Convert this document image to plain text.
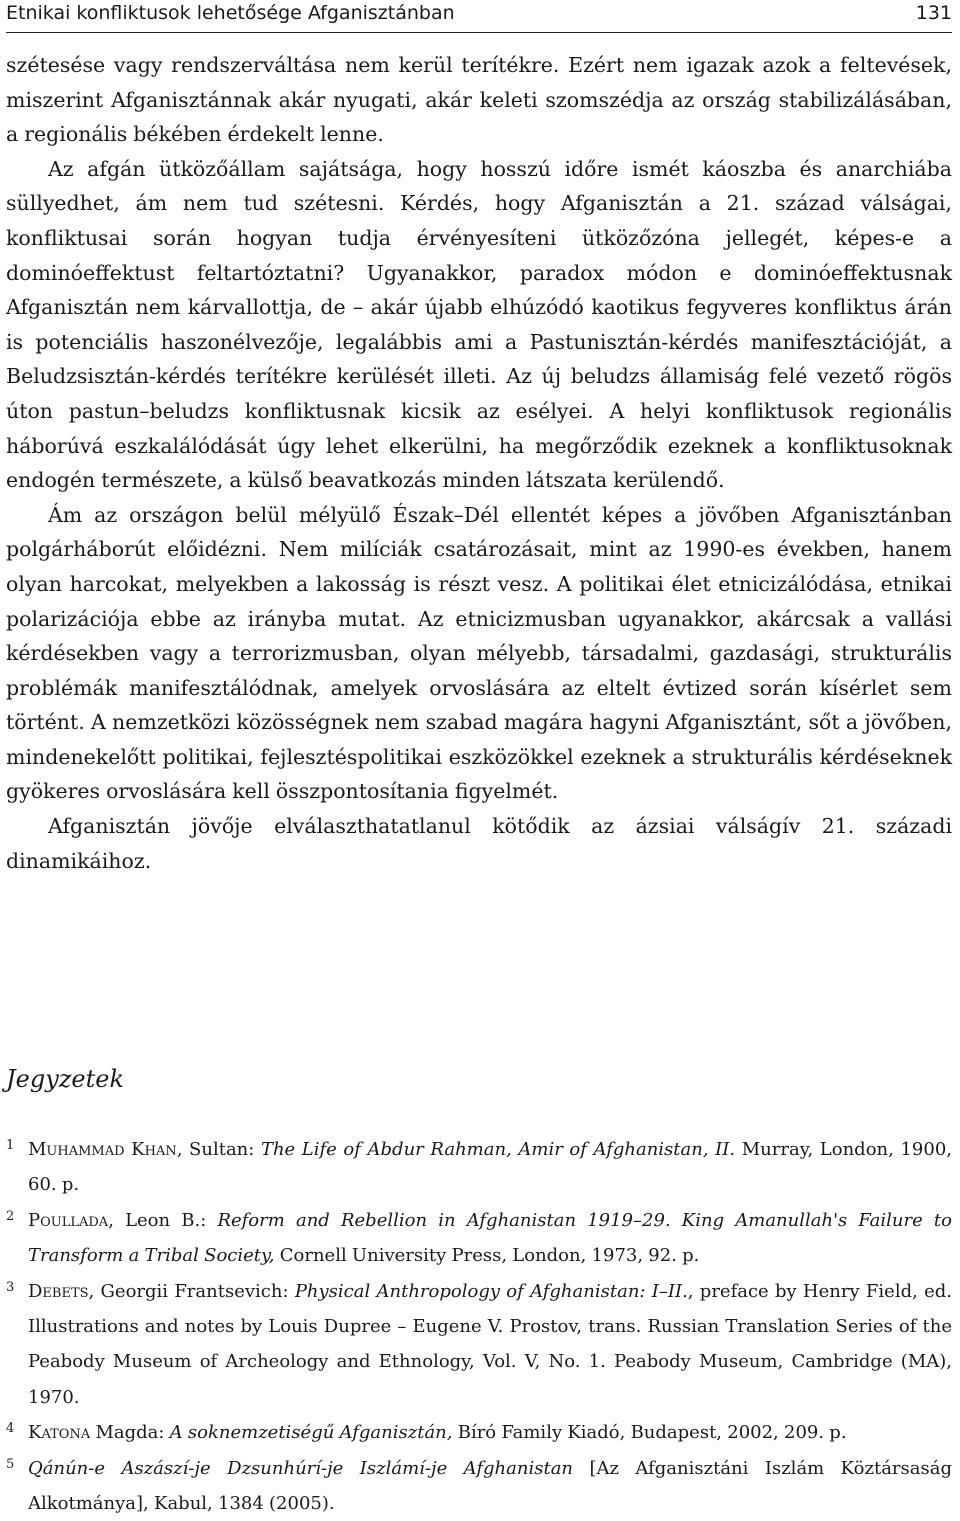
Etnikai konfliktusok lehetősége Afganisztánban	131

szétesése vagy rendszerváltása nem kerül terítékre. Ezért nem igazak azok a feltevések, miszerint Afganisztánnak akár nyugati, akár keleti szomszédja az ország stabilizálásában, a regionális békében érdekelt lenne.

Az afgán ütközőállam sajátsága, hogy hosszú időre ismét káoszba és anarchiába süllyedhet, ám nem tud szétesni. Kérdés, hogy Afganisztán a 21. század válságai, konfliktusai során hogyan tudja érvényesíteni ütközőzóna jellegét, képes-e a dominóeffektust feltartóztatni? Ugyanakkor, paradox módon e dominóeffektusnak Afganisztán nem kárvallottja, de – akár újabb elhúzódó kaotikus fegyveres konfliktus árán is potenciális haszonélvezője, legalábbis ami a Pastunisztán-kérdés manifesztációját, a Beludzsisztán-kérdés terítékre kerülését illeti. Az új beludzs államiság felé vezető rögös úton pastun–beludzs konfliktusnak kicsik az esélyei. A helyi konfliktusok regionális háborúvá eszkalálódását úgy lehet elkerülni, ha megőrződik ezeknek a konfliktusoknak endogén természete, a külső beavatkozás minden látszata kerülendő.

Ám az országon belül mélyülő Észak–Dél ellentét képes a jövőben Afganisztánban polgárháborút előidézni. Nem milíciák csatározásait, mint az 1990-es években, hanem olyan harcokat, melyekben a lakosság is részt vesz. A politikai élet etnicizálódása, etnikai polarizációja ebbe az irányba mutat. Az etnicizmusban ugyanakkor, akárcsak a vallási kérdésekben vagy a terrorizmusban, olyan mélyebb, társadalmi, gazdasági, strukturális problémák manifesztálódnak, amelyek orvoslására az eltelt évtized során kísérlet sem történt. A nemzetközi közösségnek nem szabad magára hagyni Afganisztánt, sőt a jövőben, mindenekelőtt politikai, fejlesztéspolitikai eszközökkel ezeknek a strukturális kérdéseknek gyökeres orvoslására kell összpontosítania figyelmét.

Afganisztán jövője elválaszthatatlanul kötődik az ázsiai válságív 21. századi dinamikáihoz.

Jegyzetek

1 Muhammad Khan, Sultan: The Life of Abdur Rahman, Amir of Afghanistan, II. Murray, London, 1900, 60. p.

2 Poullada, Leon B.: Reform and Rebellion in Afghanistan 1919–29. King Amanullah's Failure to Transform a Tribal Society, Cornell University Press, London, 1973, 92. p.

3 Debets, Georgii Frantsevich: Physical Anthropology of Afghanistan: I–II., preface by Henry Field, ed. Illustrations and notes by Louis Dupree – Eugene V. Prostov, trans. Russian Translation Series of the Peabody Museum of Archeology and Ethnology, Vol. V, No. 1. Peabody Museum, Cambridge (MA), 1970.

4 Katona Magda: A soknemzetiségű Afganisztán, Bíró Family Kiadó, Budapest, 2002, 209. p.

5 Qánún-e Aszászí-je Dzsunhúrí-je Iszlámí-je Afghanistan [Az Afganisztáni Iszlám Köztársaság Alkotmánya], Kabul, 1384 (2005).
